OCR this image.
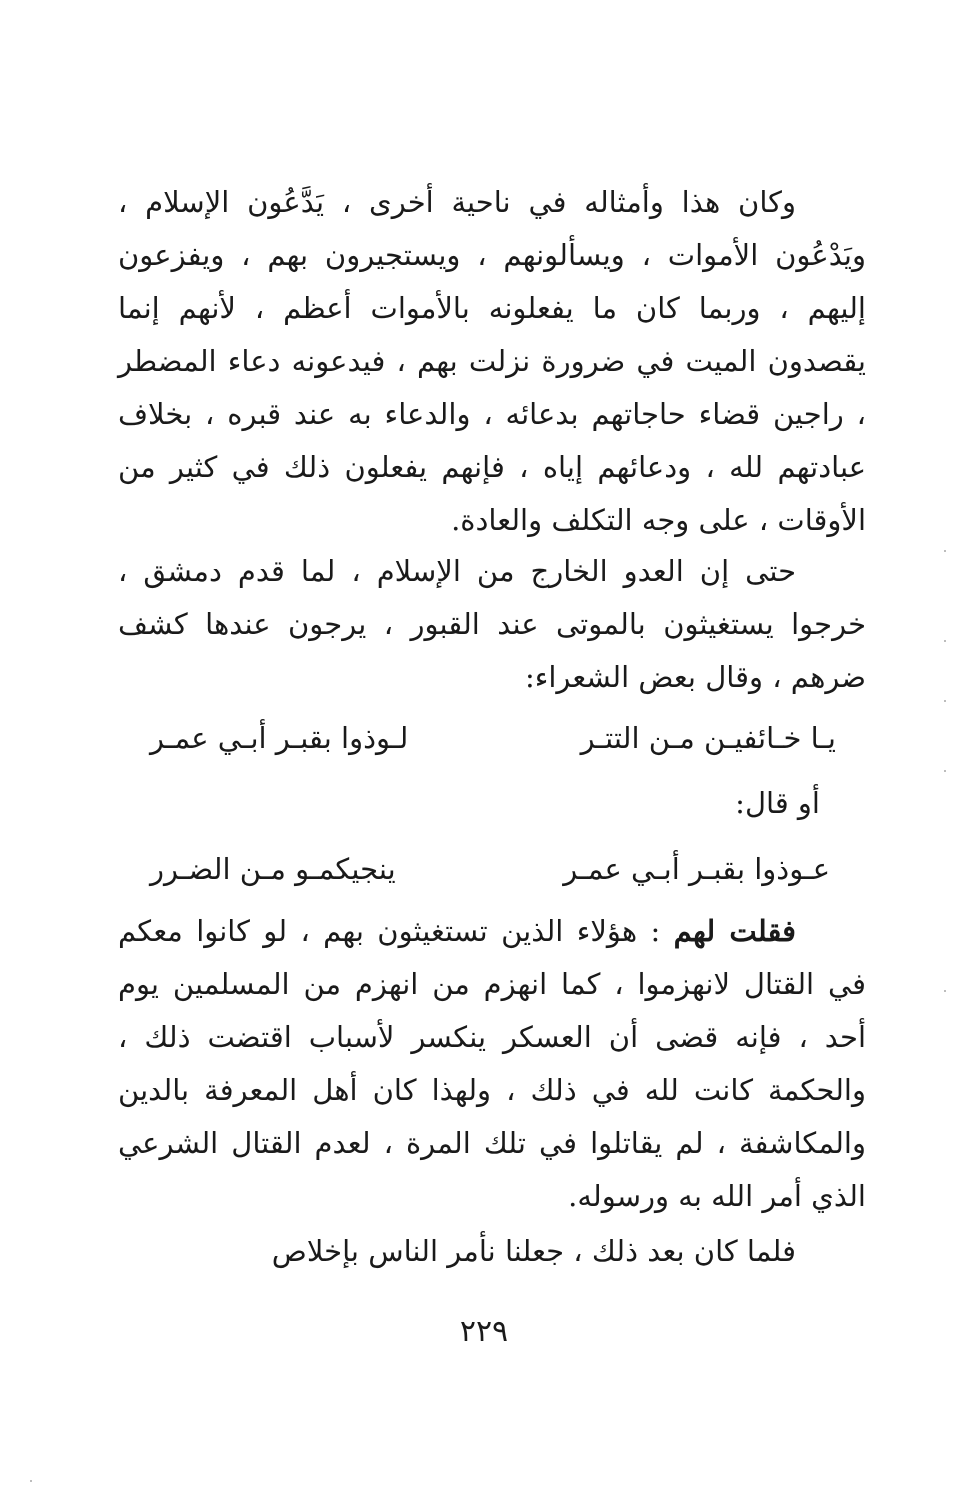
وكان هذا وأمثاله في ناحية أخرى ، يَدَّعُون الإسلام ، ويَدْعُون الأموات ، ويسألونهم ، ويستجيرون بهم ، ويفزعون إليهم ، وربما كان ما يفعلونه بالأموات أعظم ، لأنهم إنما يقصدون الميت في ضرورة نزلت بهم ، فيدعونه دعاء المضطر ، راجين قضاء حاجاتهم بدعائه ، والدعاء به عند قبره ، بخلاف عبادتهم لله ، ودعائهم إياه ، فإنهم يفعلون ذلك في كثير من الأوقات ، على وجه التكلف والعادة.

حتى إن العدو الخارج من الإسلام ، لما قدم دمشق ، خرجوا يستغيثون بالموتى عند القبور ، يرجون عندها كشف ضرهم ، وقال بعض الشعراء:

يـا خـائفيـن مـن التتـر
لـوذوا بقبـر أبـي عمـر
أو قال:
عـوذوا بقبـر أبـي عمـر
ينجيكمـو مـن الضـرر

فقلت لهم : هؤلاء الذين تستغيثون بهم ، لو كانوا معكم في القتال لانهزموا ، كما انهزم من انهزم من المسلمين يوم أحد ، فإنه قضى أن العسكر ينكسر لأسباب اقتضت ذلك ، والحكمة كانت لله في ذلك ، ولهذا كان أهل المعرفة بالدين والمكاشفة ، لم يقاتلوا في تلك المرة ، لعدم القتال الشرعي الذي أمر الله به ورسوله.

فلما كان بعد ذلك ، جعلنا نأمر الناس بإخلاص

٢٢٩
